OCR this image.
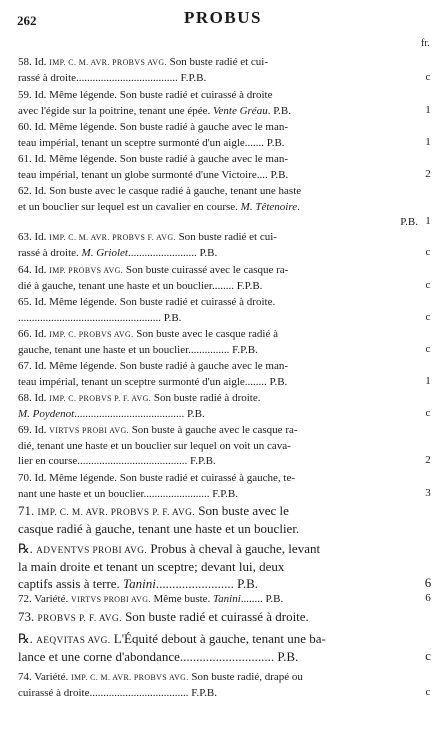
262	PROBUS
fr.
58. Id. IMP. C. M. AVR. PROBVS AVG. Son buste radié et cui-
rassé à droite..................................... F.P.B.
59. Id. Même légende. Son buste radié et cuirassé à droite
avec l'égide sur la poitrine, tenant une épée. Vente Gréau. P.B.
60. Id. Même légende. Son buste radié à gauche avec le man-
teau impérial, tenant un sceptre surmonté d'un aigle....... P.B.
61. Id. Même légende. Son buste radié à gauche avec le man-
teau impérial, tenant un globe surmonté d'une Victoire.... P.B.
62. Id. Son buste avec le casque radié à gauche, tenant une haste
et un bouclier sur lequel est un cavalier en course. M. Têtenoire.
P.B.
63. Id. IMP. C. M. AVR. PROBVS F. AVG. Son buste radié et cui-
rassé à droite. M. Griolet......................... P.B.
64. Id. IMP. PROBVS AVG. Son buste cuirassé avec le casque ra-
dié à gauche, tenant une haste et un bouclier........ F.P.B.
65. Id. Même légende. Son buste radié et cuirassé à droite.
.................................................... P.B.
66. Id. IMP. C. PROBVS AVG. Son buste avec le casque radié à
gauche, tenant une haste et un bouclier............... F.P.B.
67. Id. Même légende. Son buste radié à gauche avec le man-
teau impérial, tenant un sceptre surmonté d'un aigle........ P.B.
68. Id. IMP. C. PROBVS P. F. AVG. Son buste radié à droite.
M. Poydenot........................................ P.B.
69. Id. VIRTVS PROBI AVG. Son buste à gauche avec le casque ra-
dié, tenant une haste et un bouclier sur lequel on voit un cava-
lier en course........................................ F.P.B.
70. Id. Même légende. Son buste radié et cuirassé à gauche, te-
nant une haste et un bouclier........................ F.P.B.
71. IMP. C. M. AVR. PROBVS P. F. AVG. Son buste avec le
casque radié à gauche, tenant une haste et un bouclier.
℞. ADVENTVS PROBI AVG. Probus à cheval à gauche, levant
la main droite et tenant un sceptre; devant lui, deux
captifs assis à terre. Tanini........................ P.B.
72. Variété. VIRTVS PROBI AVG. Même buste. Tanini........ P.B.
73. PROBVS P. F. AVG. Son buste radié et cuirassé à droite.
℞. AEQVITAS AVG. L'Équité debout à gauche, tenant une ba-
lance et une corne d'abondance............................. P.B.
74. Variété. IMP. C. M. AVR. PROBVS AVG. Son buste radié, drapé ou
cuirassé à droite.................................... F.P.B.
c
1
1
2
1
c
c
c
c
1
c
2
3
6
6
c
c
